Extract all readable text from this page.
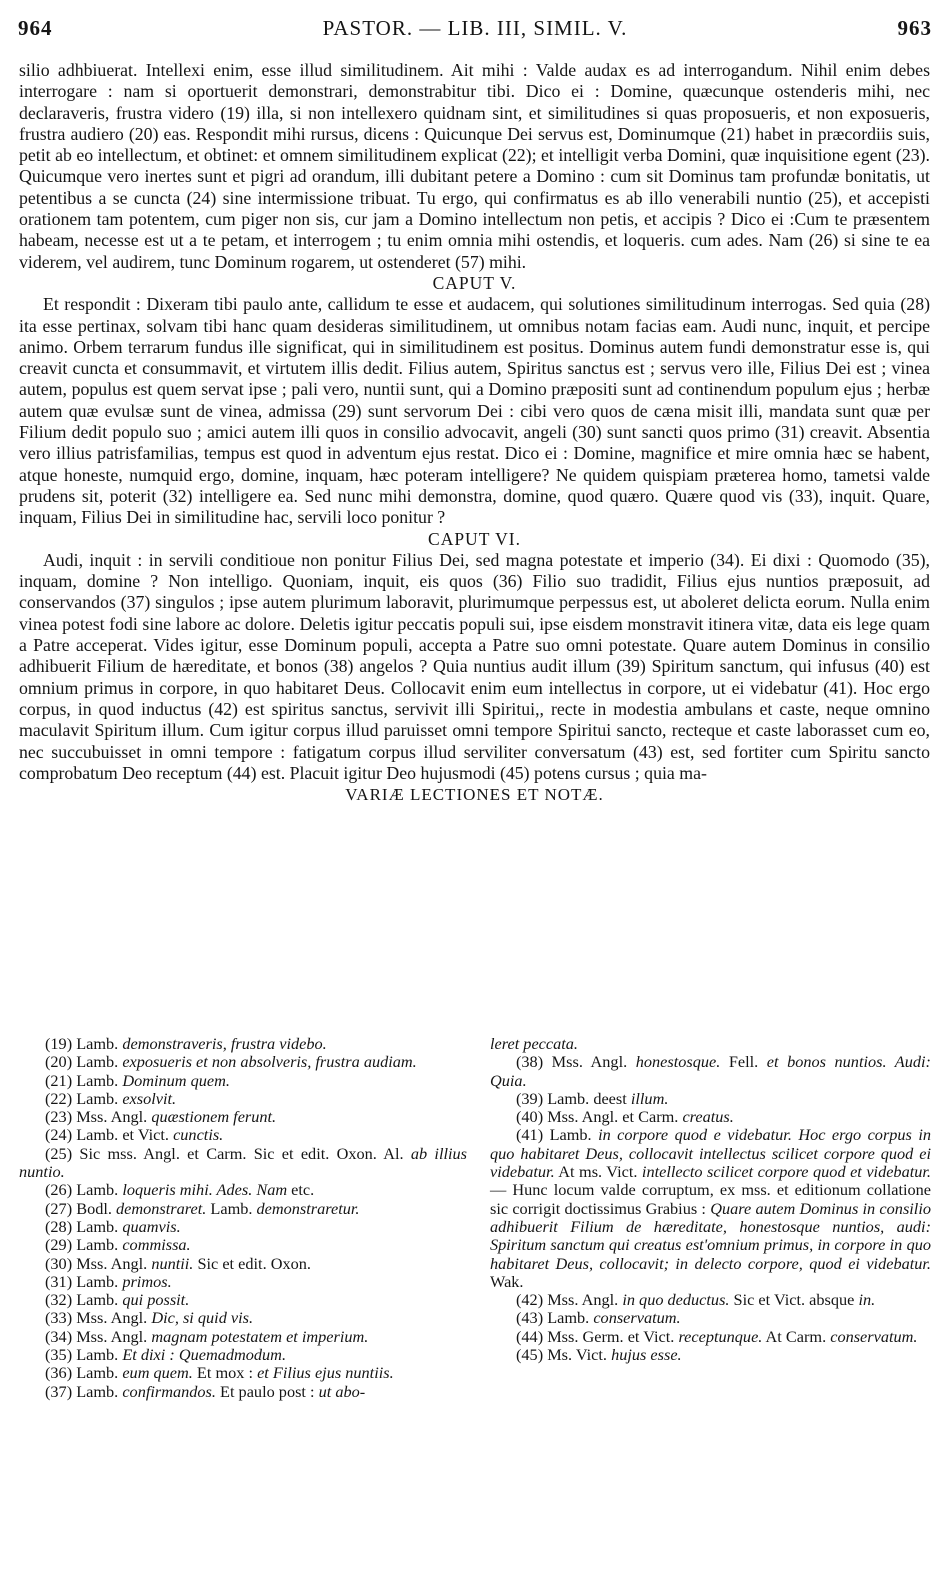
964	PASTOR. — LIB. III, SIMIL. V.	963

silio adhbiuerat. Intellexi enim, esse illud similitudinem. Ait mihi : Valde audax es ad interrogandum. Nihil enim debes interrogare : nam si oportuerit demonstrari, demonstrabitur tibi. Dico ei : Domine, quæcunque ostenderis mihi, nec declaraveris, frustra videro (19) illa, si non intellexero quidnam sint, et similitudines si quas proposueris, et non exposueris, frustra audiero (20) eas. Respondit mihi rursus, dicens : Quicunque Dei servus est, Dominumque (21) habet in præcordiis suis, petit ab eo intellectum, et obtinet: et omnem similitudinem explicat (22); et intelligit verba Domini, quæ inquisitione egent (23). Quicumque vero inertes sunt et pigri ad orandum, illi dubitant petere a Domino : cum sit Dominus tam profundæ bonitatis, ut petentibus a se cuncta (24) sine intermissione tribuat. Tu ergo, qui confirmatus es ab illo venerabili nuntio (25), et accepisti orationem tam potentem, cum piger non sis, cur jam a Domino intellectum non petis, et accipis ? Dico ei :Cum te præsentem habeam, necesse est ut a te petam, et interrogem ; tu enim omnia mihi ostendis, et loqueris. cum ades. Nam (26) si sine te ea viderem, vel audirem, tunc Dominum rogarem, ut ostenderet (57) mihi.

CAPUT V.

Et respondit : Dixeram tibi paulo ante, callidum te esse et audacem, qui solutiones similitudinum interrogas. Sed quia (28) ita esse pertinax, solvam tibi hanc quam desideras similitudinem, ut omnibus notam facias eam. Audi nunc, inquit, et percipe animo. Orbem terrarum fundus ille significat, qui in similitudinem est positus. Dominus autem fundi demonstratur esse is, qui creavit cuncta et consummavit, et virtutem illis dedit. Filius autem, Spiritus sanctus est ; servus vero ille, Filius Dei est ; vinea autem, populus est quem servat ipse ; pali vero, nuntii sunt, qui a Domino præpositi sunt ad continendum populum ejus ; herbæ autem quæ evulsæ sunt de vinea, admissa (29) sunt servorum Dei : cibi vero quos de cæna misit illi, mandata sunt quæ per Filium dedit populo suo ; amici autem illi quos in consilio advocavit, angeli (30) sunt sancti quos primo (31) creavit. Absentia vero illius patrisfamilias, tempus est quod in adventum ejus restat. Dico ei : Domine, magnifice et mire omnia hæc se habent, atque honeste, numquid ergo, domine, inquam, hæc poteram intelligere? Ne quidem quispiam præterea homo, tametsi valde prudens sit, poterit (32) intelligere ea. Sed nunc mihi demonstra, domine, quod quæro. Quære quod vis (33), inquit. Quare, inquam, Filius Dei in similitudine hac, servili loco ponitur ?

CAPUT VI.

Audi, inquit : in servili conditioue non ponitur Filius Dei, sed magna potestate et imperio (34). Ei dixi : Quomodo (35), inquam, domine ? Non intelligo. Quoniam, inquit, eis quos (36) Filio suo tradidit, Filius ejus nuntios præposuit, ad conservandos (37) singulos ; ipse autem plurimum laboravit, plurimumque perpessus est, ut aboleret delicta eorum. Nulla enim vinea potest fodi sine labore ac dolore. Deletis igitur peccatis populi sui, ipse eisdem monstravit itinera vitæ, data eis lege quam a Patre acceperat. Vides igitur, esse Dominum populi, accepta a Patre suo omni potestate. Quare autem Dominus in consilio adhibuerit Filium de hæreditate, et bonos (38) angelos ? Quia nuntius audit illum (39) Spiritum sanctum, qui infusus (40) est omnium primus in corpore, in quo habitaret Deus. Collocavit enim eum intellectus in corpore, ut ei videbatur (41). Hoc ergo corpus, in quod inductus (42) est spiritus sanctus, servivit illi Spiritui,, recte in modestia ambulans et caste, neque omnino maculavit Spiritum illum. Cum igitur corpus illud paruisset omni tempore Spiritui sancto, recteque et caste laborasset cum eo, nec succubuisset in omni tempore : fatigatum corpus illud serviliter conversatum (43) est, sed fortiter cum Spiritu sancto comprobatum Deo receptum (44) est. Placuit igitur Deo hujusmodi (45) potens cursus ; quia ma-

VARIÆ LECTIONES ET NOTÆ.

(19) Lamb. demonstraveris, frustra videbo.

(20) Lamb. exposueris et non absolveris, frustra audiam.

(21) Lamb. Dominum quem.

(22) Lamb. exsolvit.

(23) Mss. Angl. quæstionem ferunt.

(24) Lamb. et Vict. cunctis.

(25) Sic mss. Angl. et Carm. Sic et edit. Oxon. Al. ab illius nuntio.

(26) Lamb. loqueris mihi. Ades. Nam etc.

(27) Bodl. demonstraret. Lamb. demonstraretur.

(28) Lamb. quamvis.

(29) Lamb. commissa.

(30) Mss. Angl. nuntii. Sic et edit. Oxon.

(31) Lamb. primos.

(32) Lamb. qui possit.

(33) Mss. Angl. Dic, si quid vis.

(34) Mss. Angl. magnam potestatem et imperium.

(35) Lamb. Et dixi : Quemadmodum.

(36) Lamb. eum quem. Et mox : et Filius ejus nuntiis.

(37) Lamb. confirmandos. Et paulo post : ut abo-

leret peccata.

(38) Mss. Angl. honestosque. Fell. et bonos nuntios. Audi: Quia.

(39) Lamb. deest illum.

(40) Mss. Angl. et Carm. creatus.

(41) Lamb. in corpore quod e videbatur. Hoc ergo corpus in quo habitaret Deus, collocavit intellectus scilicet corpore quod ei videbatur. At ms. Vict. intellecto scilicet corpore quod et videbatur. — Hunc locum valde corruptum, ex mss. et editionum collatione sic corrigit doctissimus Grabius : Quare autem Dominus in consilio adhibuerit Filium de hæreditate, honestosque nuntios, audi: Spiritum sanctum qui creatus est'omnium primus, in corpore in quo habitaret Deus, collocavit; in delecto corpore, quod ei videbatur. Wak.

(42) Mss. Angl. in quo deductus. Sic et Vict. absque in.

(43) Lamb. conservatum.

(44) Mss. Germ. et Vict. receptunque. At Carm. conservatum.

(45) Ms. Vict. hujus esse.
